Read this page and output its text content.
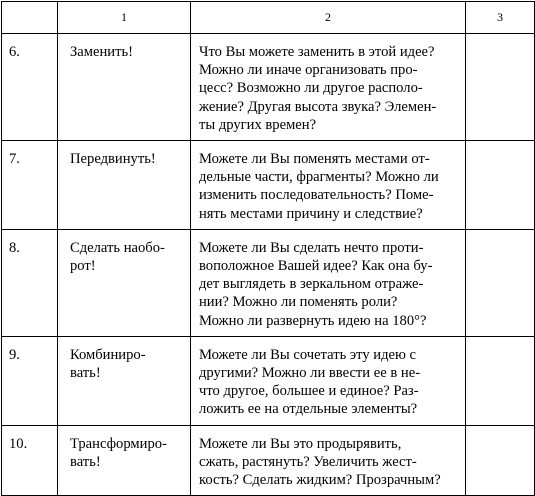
	1	2	3
6.	Заменить!	Что Вы можете заменить в этой идее?
Можно ли иначе организовать про-
цесс? Возможно ли другое располо-
жение? Другая высота звука? Элемен-
ты других времен?	

7.	Передвинуть!	Можете ли Вы поменять местами от-
дельные части, фрагменты? Можно ли
изменить последовательность? Поме-
нять местами причину и следствие?	

8.	Сделать наобо-
рот!	Можете ли Вы сделать нечто проти-
воположное Вашей идее? Как она бу-
дет выглядеть в зеркальном отраже-
нии? Можно ли поменять роли?
Можно ли развернуть идею на 180°?	

9.	Комбиниро-
вать!	Можете ли Вы сочетать эту идею с
другими? Можно ли ввести ее в не-
что другое, большее и единое? Раз-
ложить ее на отдельные элементы?	

10.	Трансформиро-
вать!	Можете ли Вы это продырявить,
сжать, растянуть? Увеличить жест-
кость? Сделать жидким? Прозрачным?	
